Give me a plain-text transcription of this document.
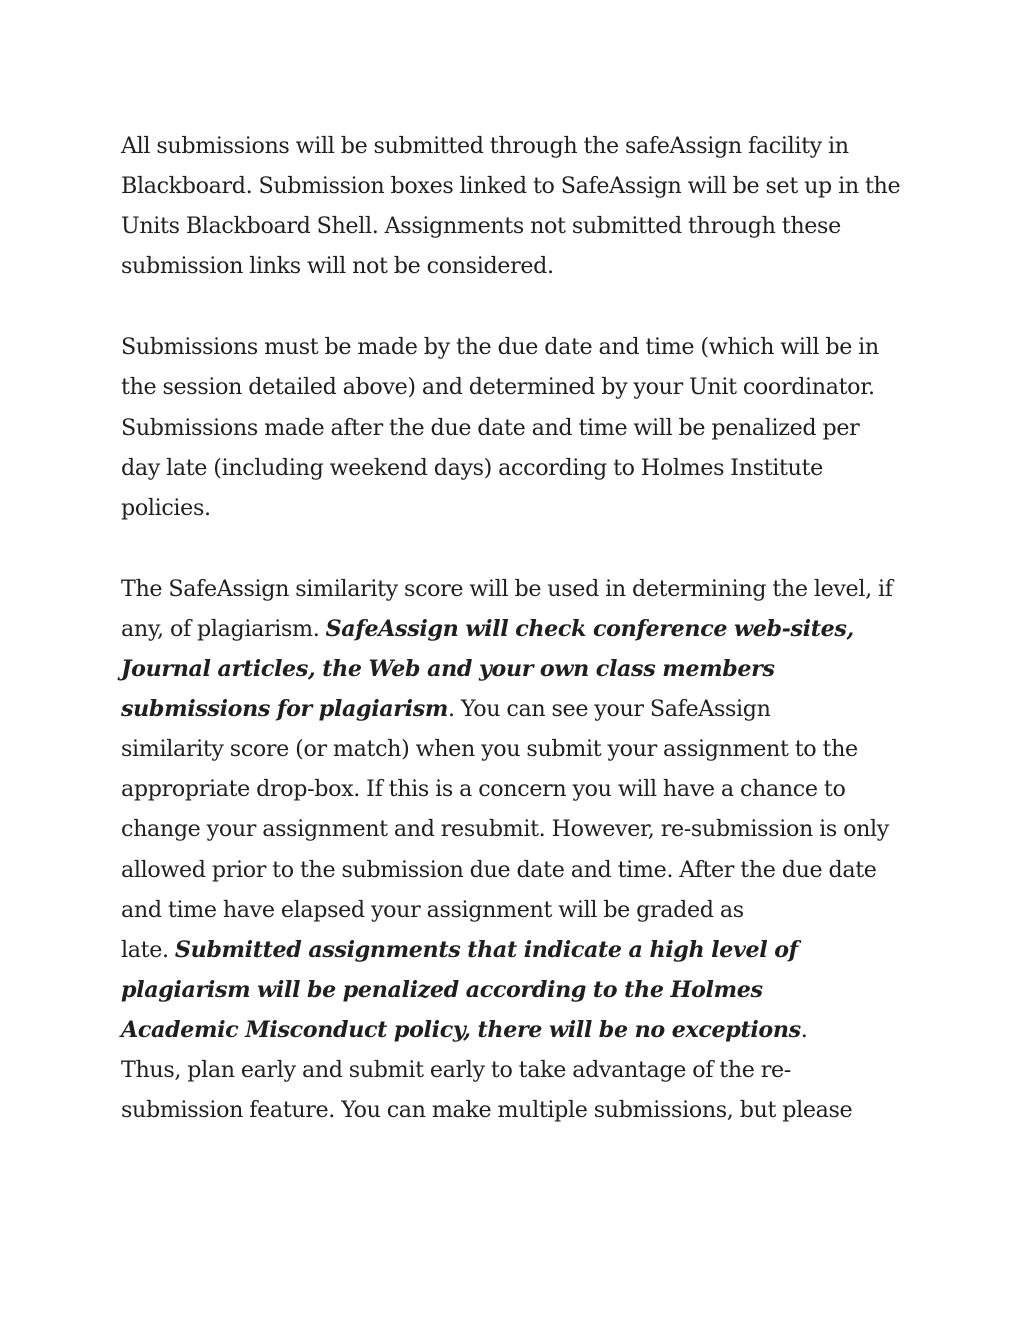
All submissions will be submitted through the safeAssign facility in
Blackboard. Submission boxes linked to SafeAssign will be set up in the
Units Blackboard Shell. Assignments not submitted through these
submission links will not be considered.
Submissions must be made by the due date and time (which will be in
the session detailed above) and determined by your Unit coordinator.
Submissions made after the due date and time will be penalized per
day late (including weekend days) according to Holmes Institute
policies.
The SafeAssign similarity score will be used in determining the level, if
any, of plagiarism. SafeAssign will check conference web-sites,
Journal articles, the Web and your own class members
submissions for plagiarism. You can see your SafeAssign
similarity score (or match) when you submit your assignment to the
appropriate drop-box. If this is a concern you will have a chance to
change your assignment and resubmit. However, re-submission is only
allowed prior to the submission due date and time. After the due date
and time have elapsed your assignment will be graded as
late. Submitted assignments that indicate a high level of
plagiarism will be penalized according to the Holmes
Academic Misconduct policy, there will be no exceptions.
Thus, plan early and submit early to take advantage of the re-
submission feature. You can make multiple submissions, but please
